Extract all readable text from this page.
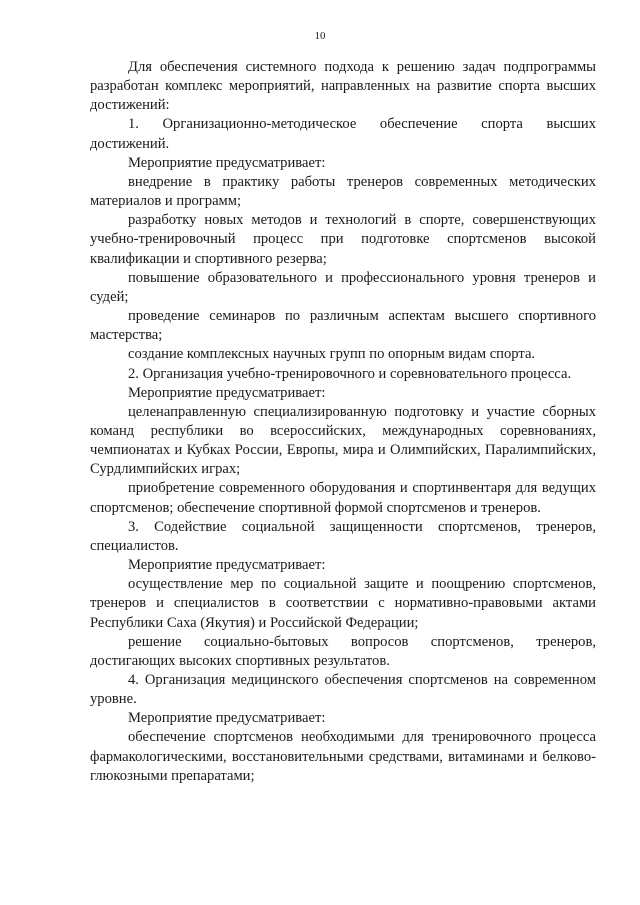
10

Для обеспечения системного подхода к решению задач подпрограммы разработан комплекс мероприятий, направленных на развитие спорта высших достижений:

1. Организационно-методическое обеспечение спорта высших достижений.

Мероприятие предусматривает:

внедрение в практику работы тренеров современных методических материалов и программ;

разработку новых методов и технологий в спорте, совершенствующих учебно-тренировочный процесс при подготовке спортсменов высокой квалификации и спортивного резерва;

повышение образовательного и профессионального уровня тренеров и судей;

проведение семинаров по различным аспектам высшего спортивного мастерства;

создание комплексных научных групп по опорным видам спорта.

2. Организация учебно-тренировочного и соревновательного процесса.

Мероприятие предусматривает:

целенаправленную специализированную подготовку и участие сборных команд республики во всероссийских, международных соревнованиях, чемпионатах и Кубках России, Европы, мира и Олимпийских, Паралимпийских, Сурдлимпийских играх;

приобретение современного оборудования и спортинвентаря для ведущих спортсменов; обеспечение спортивной формой спортсменов и тренеров.

3. Содействие социальной защищенности спортсменов, тренеров, специалистов.

Мероприятие предусматривает:

осуществление мер по социальной защите и поощрению спортсменов, тренеров и специалистов в соответствии с нормативно-правовыми актами Республики Саха (Якутия) и Российской Федерации;

решение социально-бытовых вопросов спортсменов, тренеров, достигающих высоких спортивных результатов.

4. Организация медицинского обеспечения спортсменов на современном уровне.

Мероприятие предусматривает:

обеспечение спортсменов необходимыми для тренировочного процесса фармакологическими, восстановительными средствами, витаминами и белково-глюкозными препаратами;
